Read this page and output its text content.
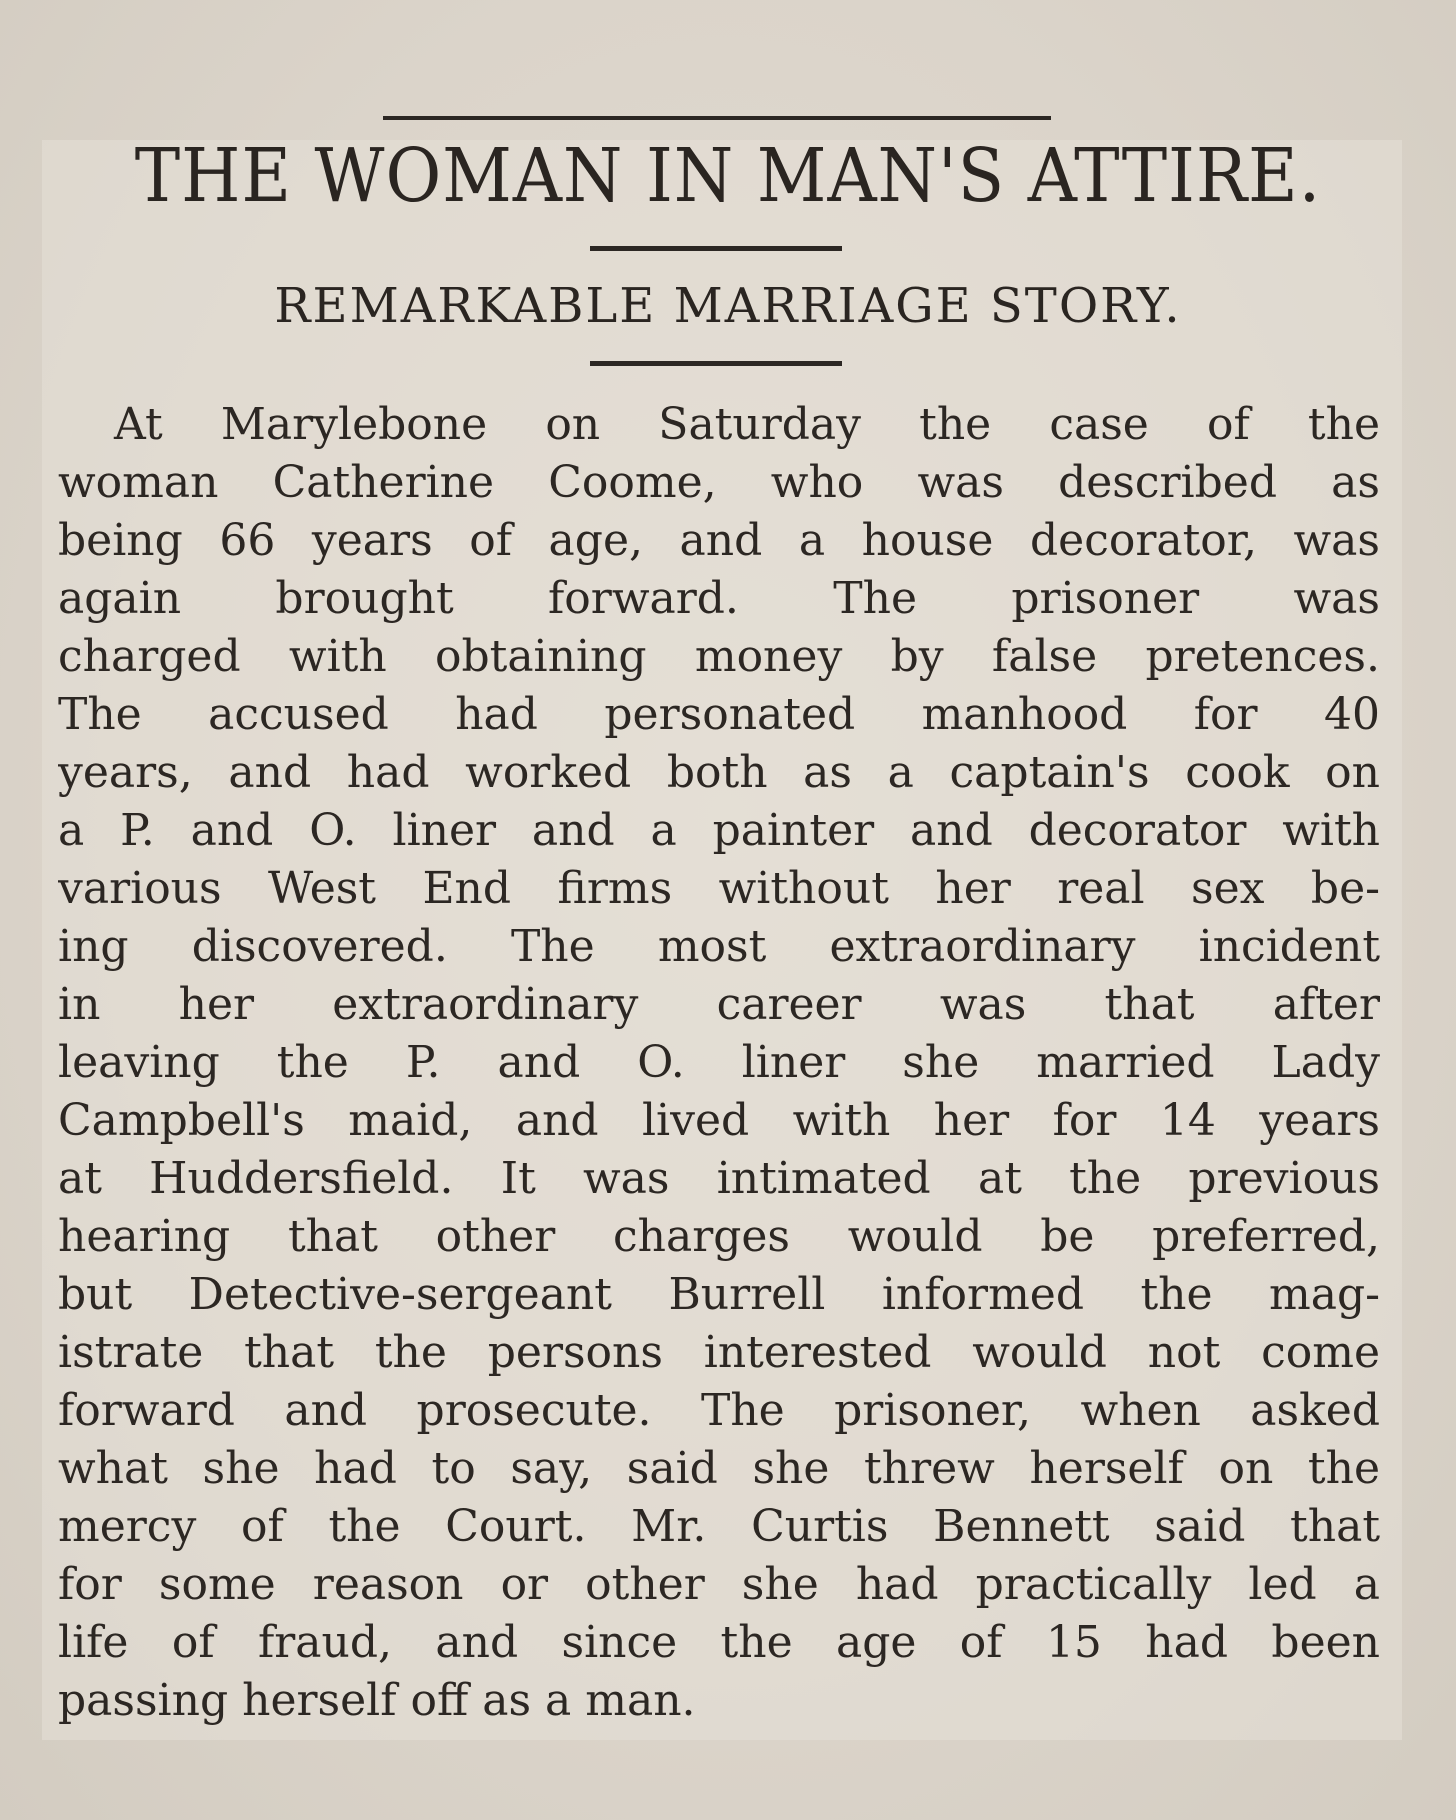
THE WOMAN IN MAN'S ATTIRE.
REMARKABLE MARRIAGE STORY.
At Marylebone on Saturday the case of the
woman Catherine Coome, who was described as
being 66 years of age, and a house decorator, was
again brought forward. The prisoner was
charged with obtaining money by false pretences.
The accused had personated manhood for 40
years, and had worked both as a captain's cook on
a P. and O. liner and a painter and decorator with
various West End firms without her real sex be-
ing discovered. The most extraordinary incident
in her extraordinary career was that after
leaving the P. and O. liner she married Lady
Campbell's maid, and lived with her for 14 years
at Huddersfield. It was intimated at the previous
hearing that other charges would be preferred,
but Detective-sergeant Burrell informed the mag-
istrate that the persons interested would not come
forward and prosecute. The prisoner, when asked
what she had to say, said she threw herself on the
mercy of the Court. Mr. Curtis Bennett said that
for some reason or other she had practically led a
life of fraud, and since the age of 15 had been
passing herself off as a man.
